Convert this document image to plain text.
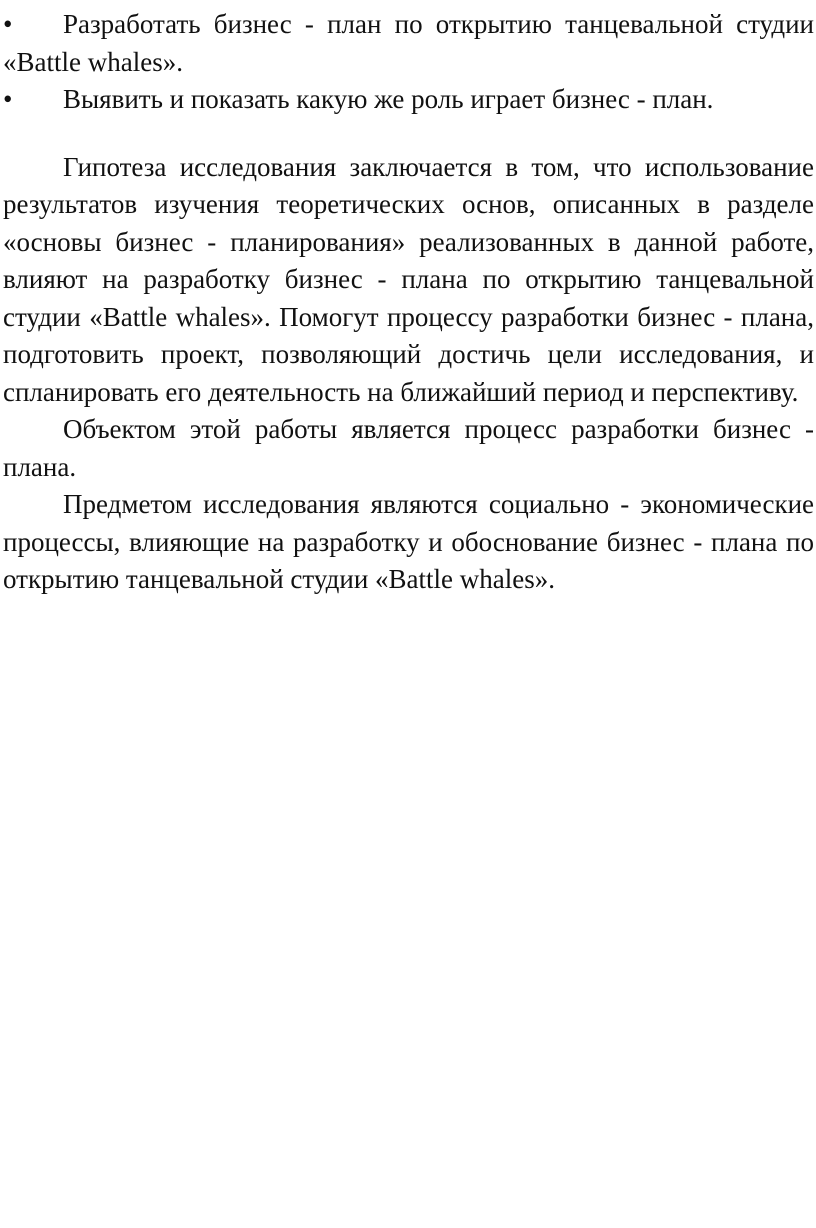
•	Разработать бизнес - план по открытию танцевальной студии «Battle whales».

•	Выявить и показать какую же роль играет бизнес - план.

Гипотеза исследования заключается в том, что использование результатов изучения теоретических основ, описанных в разделе «основы бизнес - планирования» реализованных в данной работе, влияют на разработку бизнес - плана по открытию танцевальной студии «Battle whales». Помогут процессу разработки бизнес - плана, подготовить проект, позволяющий достичь цели исследования, и спланировать его деятельность на ближайший период и перспективу.

Объектом этой работы является процесс разработки бизнес - плана.

Предметом исследования являются социально - экономические процессы, влияющие на разработку и обоснование бизнес - плана по открытию танцевальной студии «Battle whales».
